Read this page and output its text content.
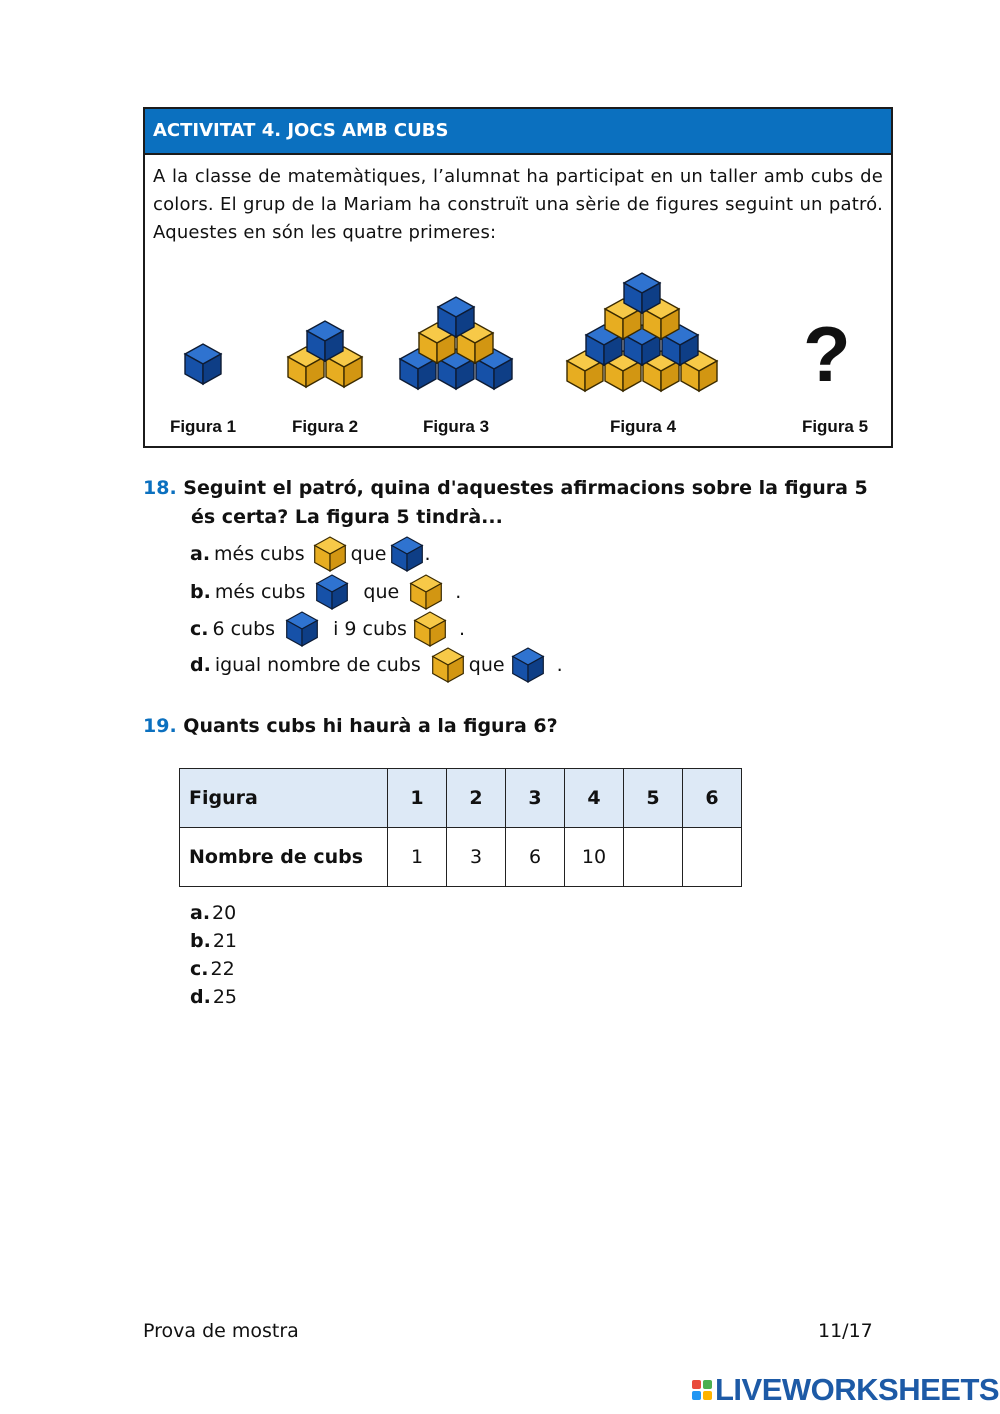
ACTIVITAT 4. JOCS AMB CUBS
A la classe de matemàtiques, l’alumnat ha participat en un taller amb cubs de colors. El grup de la Mariam ha construït una sèrie de figures seguint un patró. Aquestes en són les quatre primeres:
?
Figura 1	Figura 2	Figura 3	Figura 4	Figura 5
18. Seguint el patró, quina d'aquestes afirmacions sobre la figura 5
és certa? La figura 5 tindrà...
a. més cubs que .
b. més cubs	que	.
c. 6 cubs	i 9 cubs	.
d. igual nombre de cubs	que	.
19. Quants cubs hi haurà a la figura 6?
Figura	1	2	3	4	5	6
Nombre de cubs	1	3	6	10		
a. 20
b. 21
c. 22
d. 25
Prova de mostra	11/17
LIVEWORKSHEETS
